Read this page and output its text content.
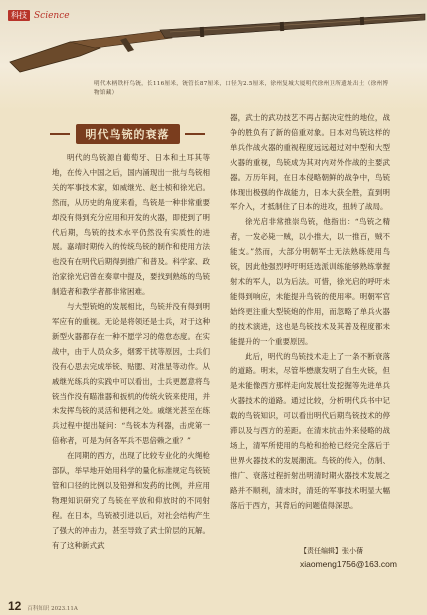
科技 Science
明代木柄铁杆鸟铳，长116厘米，铳管长87厘米，口径为2.5厘米，徐州复城大厦明代徐州卫所遗址出土（徐州博物馆藏）
明代鸟铳的衰落

明代的鸟铳源自葡萄牙、日本和土耳其等地，在传入中国之后，国内涌现出一批与鸟铳相关的军事技术家，如威继光、赵士桢和徐光启。然而，从历史的角度来看，鸟铳是一种非常重要却没有得到充分应用和开发的火器，即使到了明代后期，鸟铳的技术水平仍然没有实质性的进展。嘉靖时期传入的传统鸟铳的制作和使用方法也没有在明代后期得到推广和普及。科学家、政治家徐光启曾在奏章中提及，要找到熟练的鸟铳制造者和教学者都非常困难。

与大型铳炮的发展相比，鸟铳并没有得到明军应有的重视。无论是将领还是士兵，对于这种新型火器都存在一种不愿学习的倦怠态度。在实战中，由于人员众多，烟雾干扰等原因，士兵们没有心思去完成举铳、贴腮、对准星等动作。从戚继光练兵的实践中可以看出，士兵更愿意将鸟铳当作没有瞄准器和扳机的传统火铳来使用，并未发挥鸟铳的灵活和便利之处。戚继光甚至在练兵过程中提出疑问：“鸟铳本为利器，击虎第一倍称者，可是为何各军兵不思倍赖之重？”

在同期的西方，出现了比较专业化的火绳枪部队，举早地开始用科学的量化标准规定鸟铳铳管和口径的比例以及铅弹和发药的比例，并应用物理知识研究了鸟铳在平放和仰放时的不同射程。在日本，鸟铳被引进以后，对社会结构产生了强大的冲击力，甚至导致了武士阶层的瓦解。有了这种新式武

器，武士的武功技艺不再占据决定性的地位，战争的胜负有了新的倍重对象。日本对鸟铳这样的单兵作战火器的重视程度远远超过对中型和大型火器的重视，鸟铳成为其对内对外作战的主要武器。万历年间，在日本侵略朝鲜的战争中，鸟铳体现出极强的作战能力，日本大获全胜，直到明军介入，才抵制住了日本的进攻，扭转了战局。

徐光启非常推崇鸟铳，他指出：“鸟铳之精者，一发必毙一贼，以小推大，以一推百，贼不能支。”然而，大部分明朝军士无法熟练使用鸟铳，因此他强烈呼吁明廷选派训练能够熟练掌握射术的军人，以为后法。可惜，徐光启的呼吁未能得到响应，未能提升鸟铳的使用率。明朝军官始终更注重大型铳炮的作用，而忽略了单兵火器的技术演进，这也是鸟铳技术及其普及程度都未能提升的一个重要原因。

此后，明代的鸟铳技术走上了一条不断衰落的道路。明末，尽管毕懋康发明了自生火铳，但是未能像西方那样走向发展壮发挖掘等先进单兵火器技术的道路。通过比较，分析明代兵书中记载的鸟铳知识，可以看出明代后期鸟铳技术的停滞以及与西方的差距。在清末抗击外来侵略的战场上，清军所使用的鸟枪和抬枪已经完全落后于世界火器技术的发展潮流。鸟铳的传入，仿制、推广、衰落过程折射出明清时期火器技术发展之路并不顺利，清末时，清廷的军事技术明显大幅落后于西方，其背后的问题值得深思。

【责任编辑】张小蒨
xiaomeng1756@163.com
12 百科知识 2023.11A
